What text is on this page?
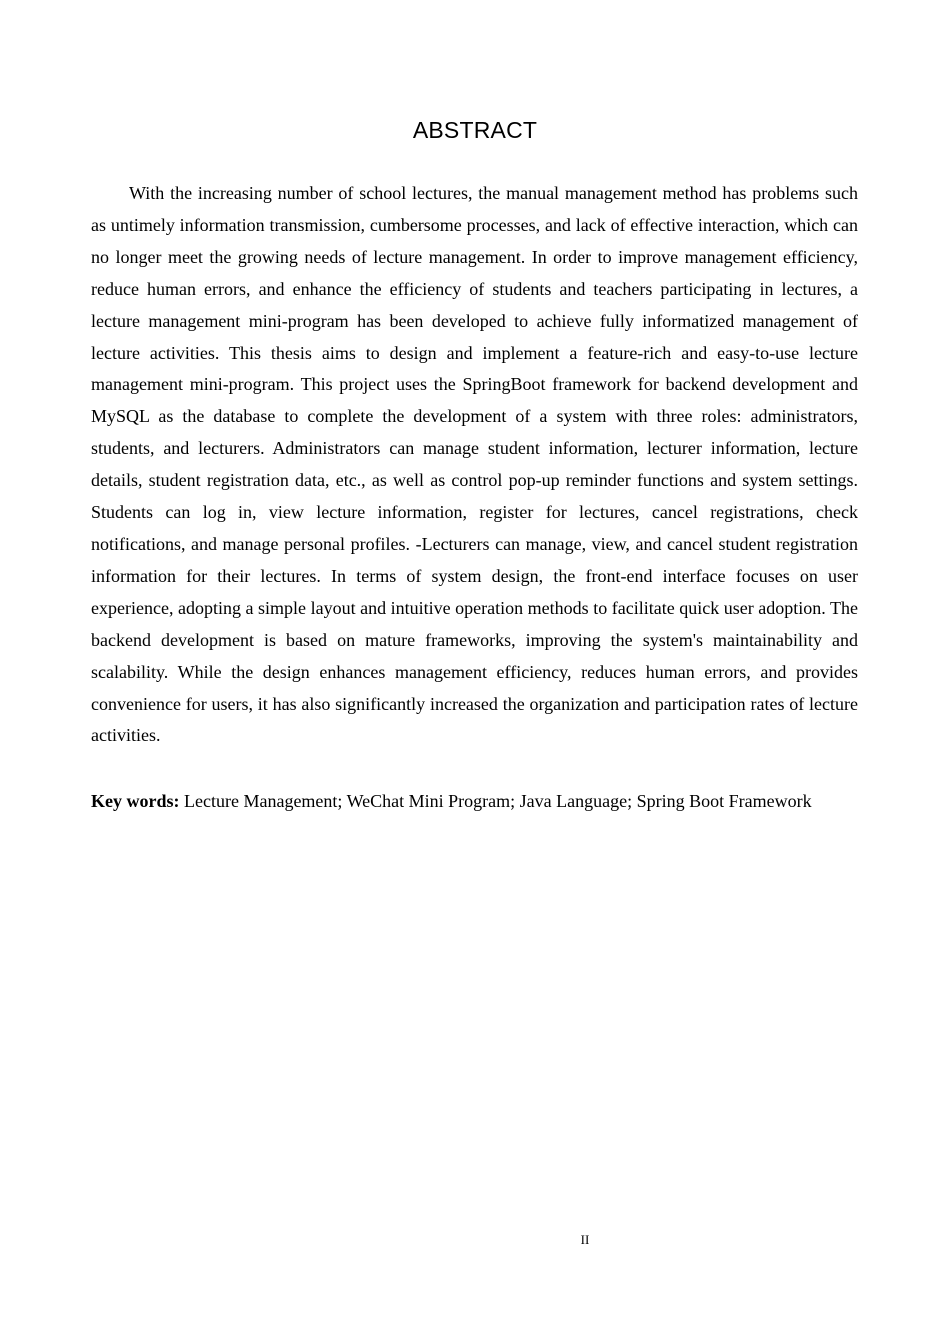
ABSTRACT

With the increasing number of school lectures, the manual management method has problems such as untimely information transmission, cumbersome processes, and lack of effective interaction, which can no longer meet the growing needs of lecture management. In order to improve management efficiency, reduce human errors, and enhance the efficiency of students and teachers participating in lectures, a lecture management mini-program has been developed to achieve fully informatized management of lecture activities. This thesis aims to design and implement a feature-rich and easy-to-use lecture management mini-program. This project uses the SpringBoot framework for backend development and MySQL as the database to complete the development of a system with three roles: administrators, students, and lecturers. Administrators can manage student information, lecturer information, lecture details, student registration data, etc., as well as control pop-up reminder functions and system settings. Students can log in, view lecture information, register for lectures, cancel registrations, check notifications, and manage personal profiles. -Lecturers can manage, view, and cancel student registration information for their lectures. In terms of system design, the front-end interface focuses on user experience, adopting a simple layout and intuitive operation methods to facilitate quick user adoption. The backend development is based on mature frameworks, improving the system's maintainability and scalability. While the design enhances management efficiency, reduces human errors, and provides convenience for users, it has also significantly increased the organization and participation rates of lecture activities.

Key words: Lecture Management; WeChat Mini Program; Java Language; Spring Boot Framework

II
